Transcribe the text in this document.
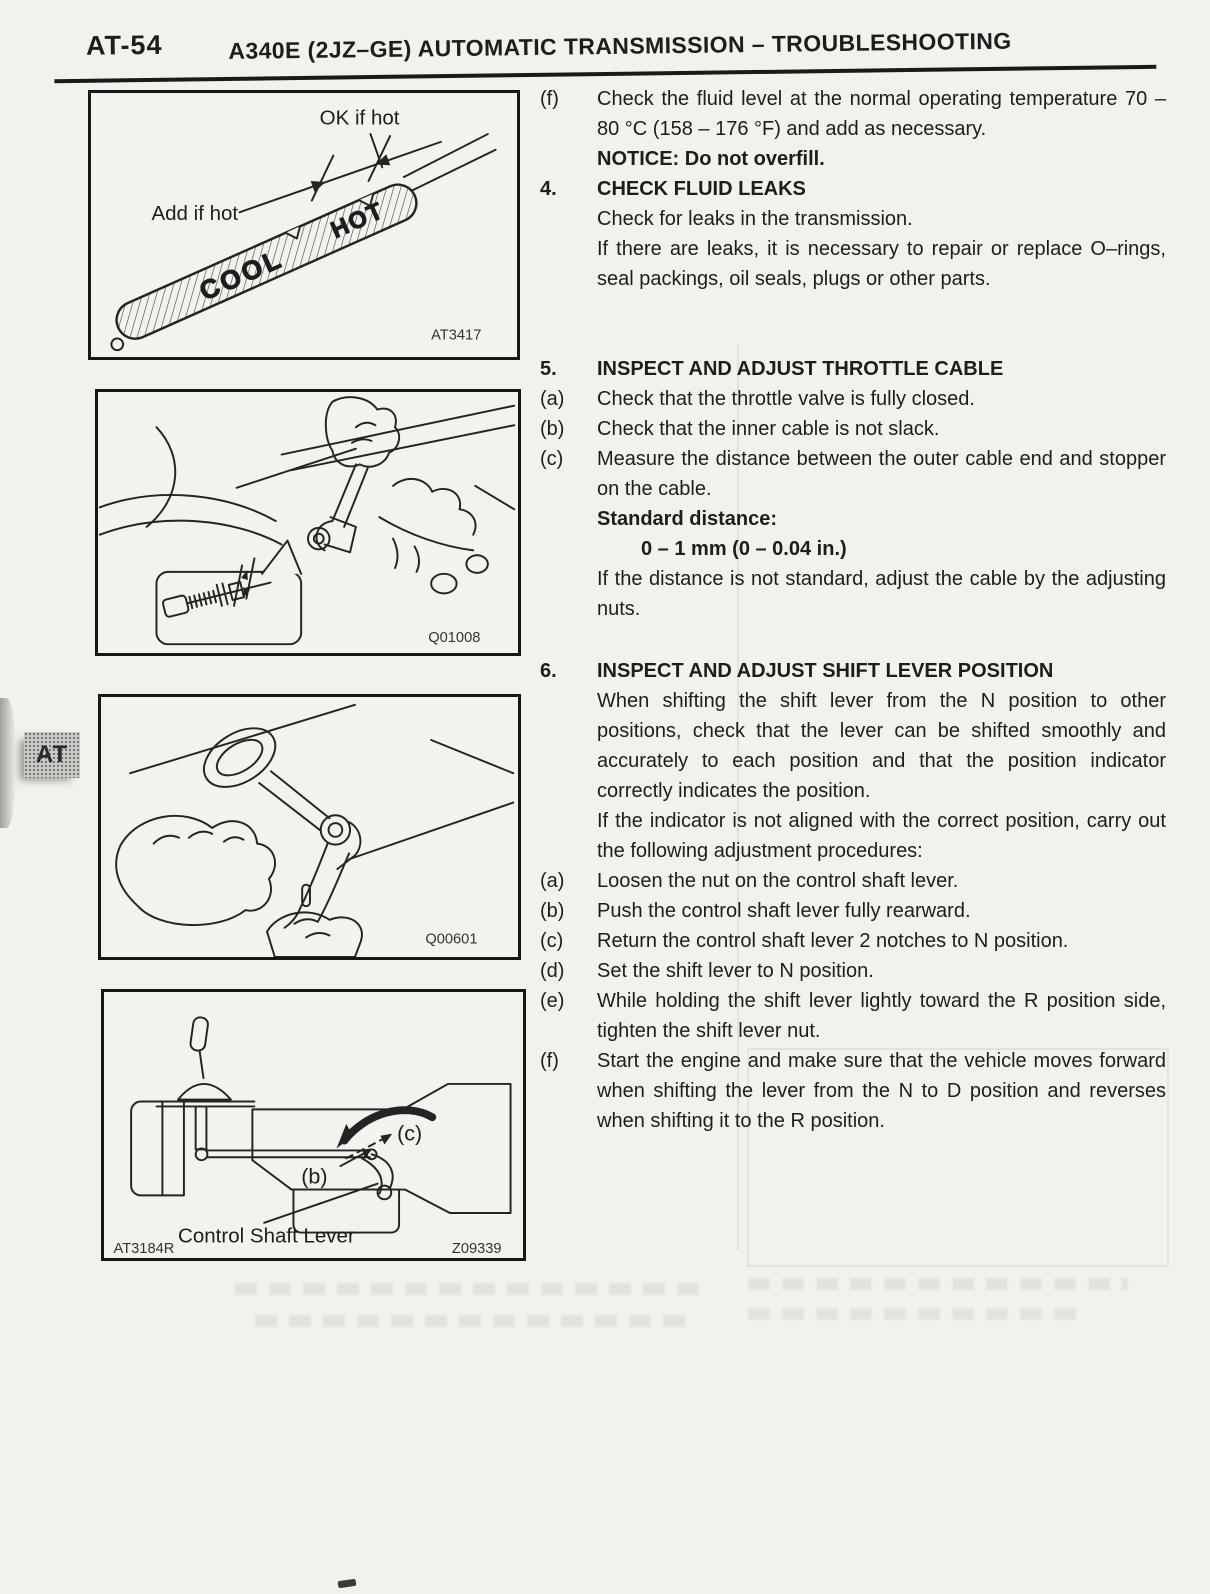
AT-54	A340E (2JZ–GE) AUTOMATIC TRANSMISSION – TROUBLESHOOTING
AT
COOL
HOT
OK if hot
Add if hot
AT3417
Q01008
Q00601
(b)
(c)
Control Shaft Lever
AT3184R	Z09339
(f)	Check the fluid level at the normal operating temperature 70 – 80 °C (158 – 176 °F) and add as necessary.
NOTICE: Do not overfill.
4.	CHECK FLUID LEAKS
Check for leaks in the transmission.
If there are leaks, it is necessary to repair or replace O–rings, seal packings, oil seals, plugs or other parts.
5.	INSPECT AND ADJUST THROTTLE CABLE
(a)	Check that the throttle valve is fully closed.
(b)	Check that the inner cable is not slack.
(c)	Measure the distance between the outer cable end and stopper on the cable.
Standard distance:
0 – 1 mm (0 – 0.04 in.)
If the distance is not standard, adjust the cable by the adjusting nuts.
6.	INSPECT AND ADJUST SHIFT LEVER POSITION
When shifting the shift lever from the N position to other positions, check that the lever can be shifted smoothly and accurately to each position and that the position indicator correctly indicates the position.
If the indicator is not aligned with the correct position, carry out the following adjustment procedures:
(a)	Loosen the nut on the control shaft lever.
(b)	Push the control shaft lever fully rearward.
(c)	Return the control shaft lever 2 notches to N position.
(d)	Set the shift lever to N position.
(e)	While holding the shift lever lightly toward the R position side, tighten the shift lever nut.
(f)	Start the engine and make sure that the vehicle moves forward when shifting the lever from the N to D position and reverses when shifting it to the R position.
